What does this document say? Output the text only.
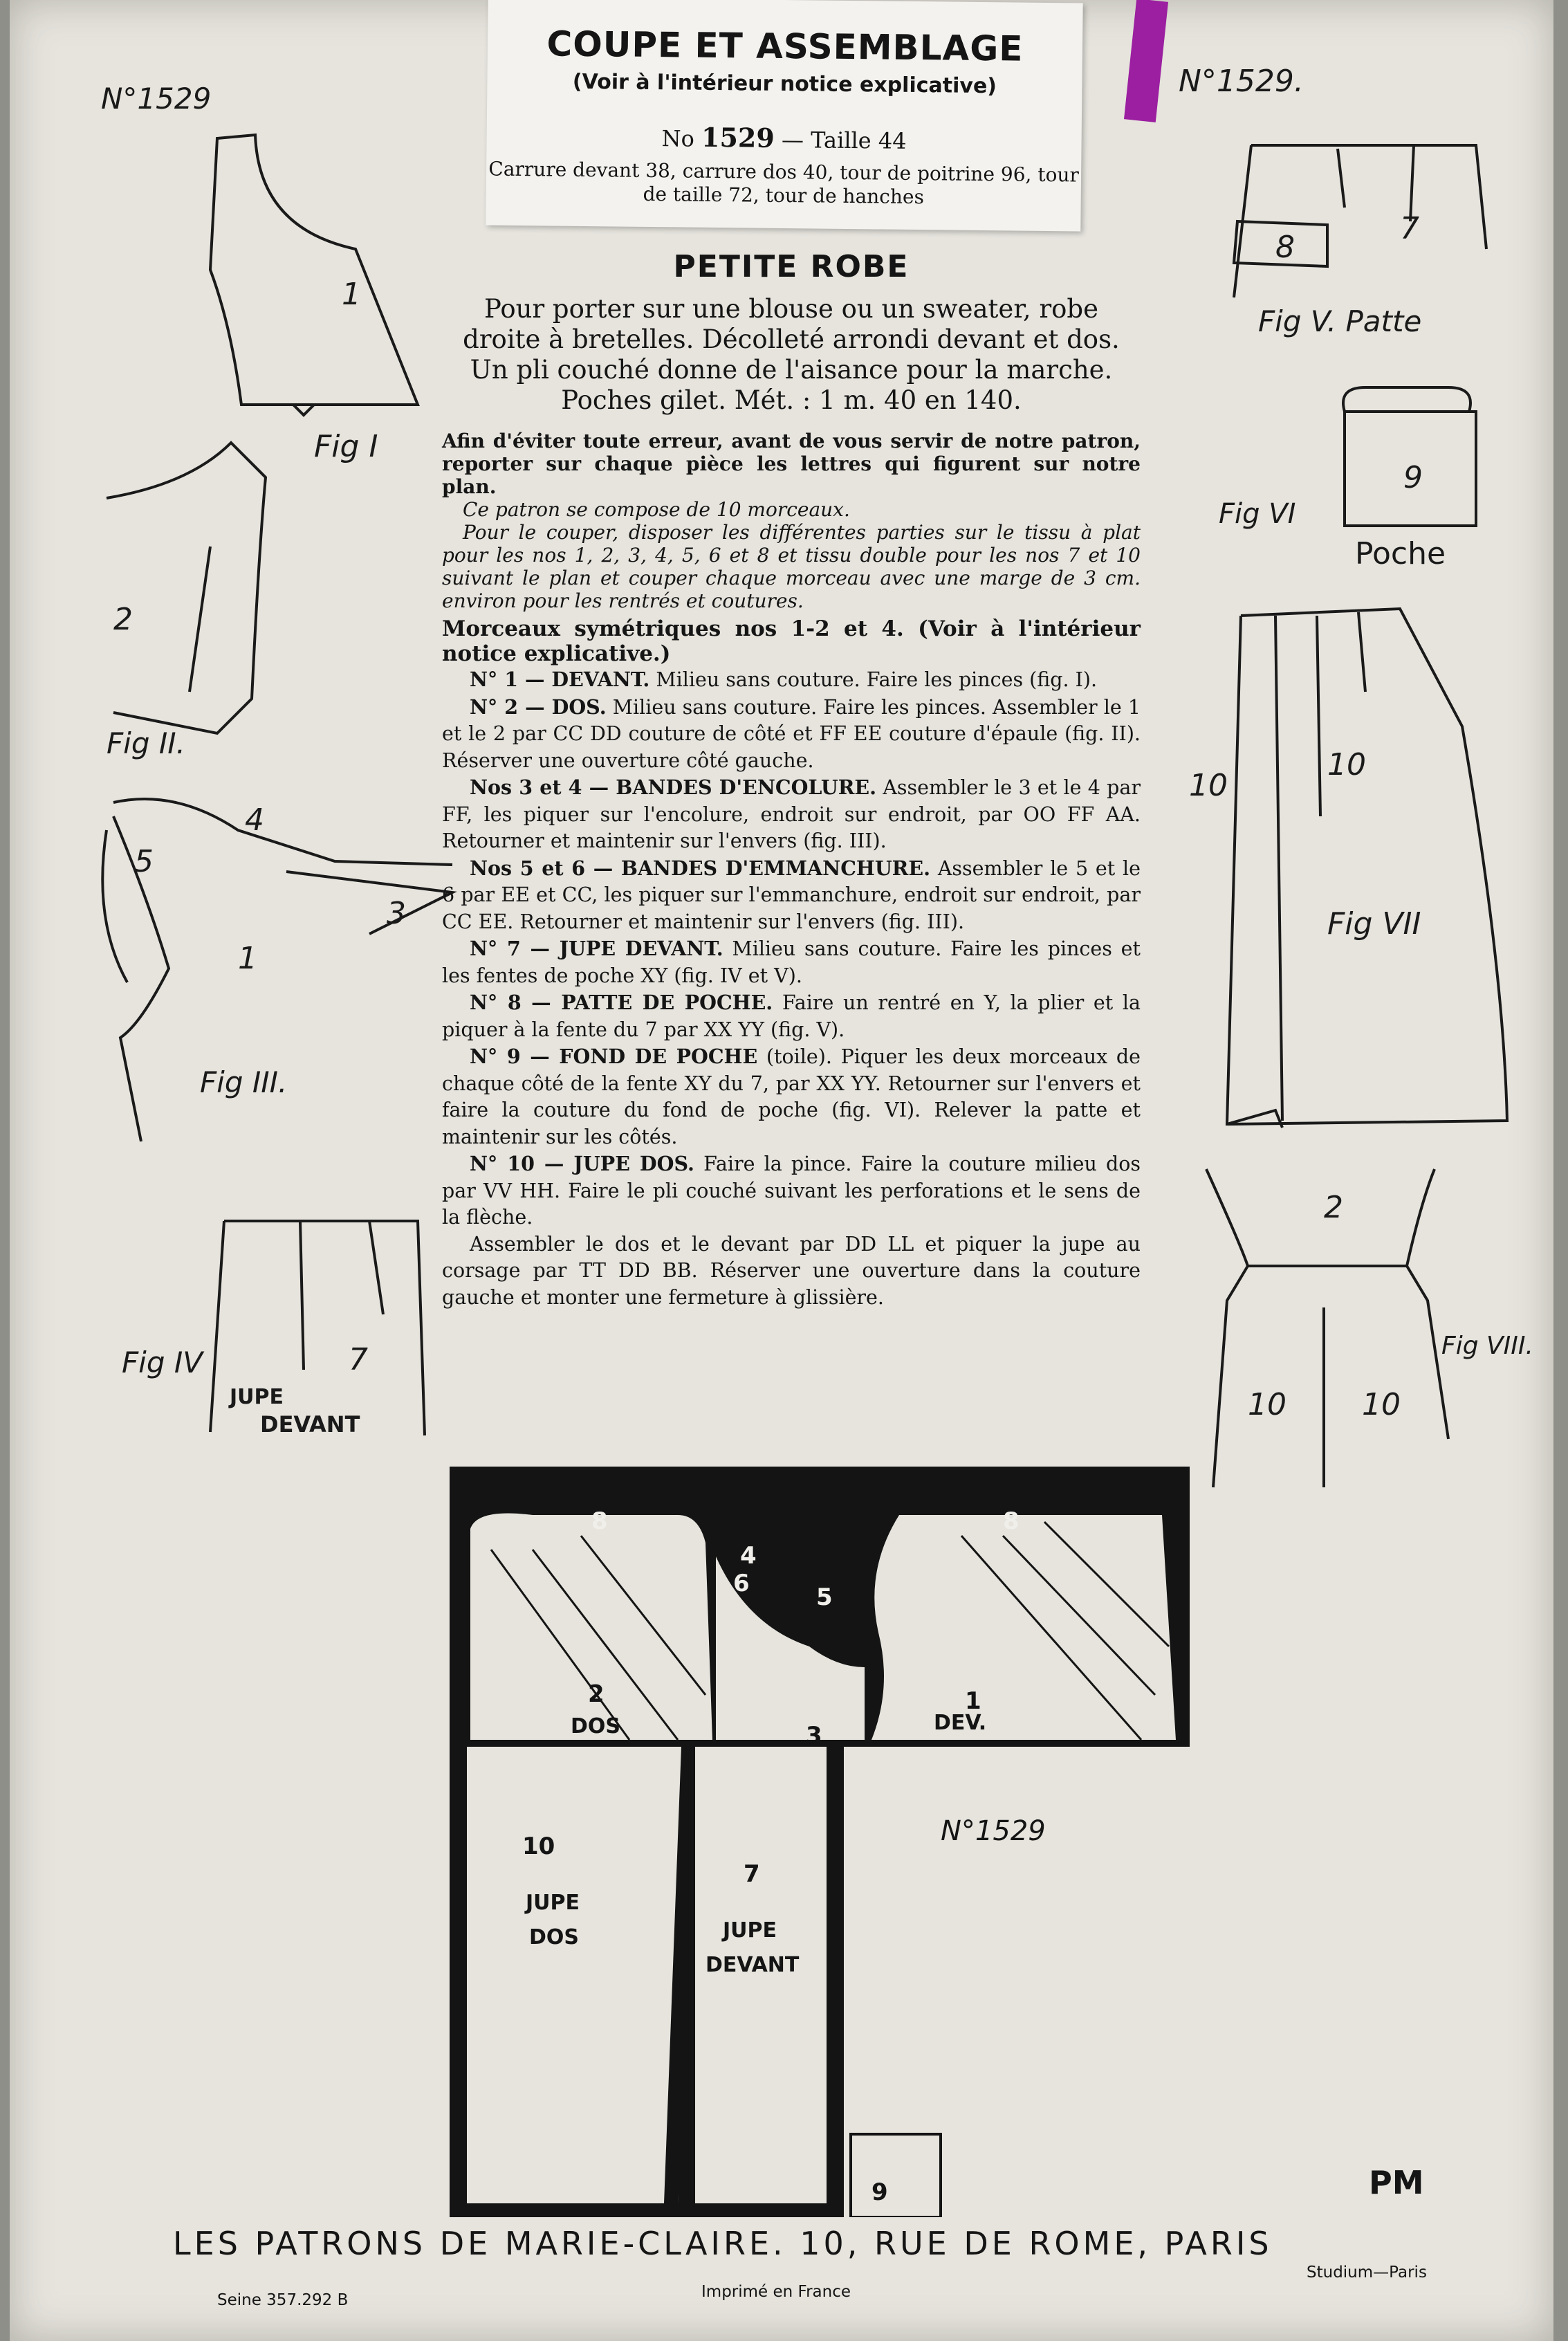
COUPE ET ASSEMBLAGE
(Voir à l'intérieur notice explicative)
No 1529 — Taille 44
Carrure devant 38, carrure dos 40, tour de poitrine 96, tour de taille 72, tour de hanches
N°1529	N°1529.
1
2
4
5
3
1
7
7
8
9
10
10
2
10 10
Fig I
Fig II.
Fig III.
Fig IV
JUPE
DEVANT
Fig V. Patte
Fig VI
Poche
Fig VII
Fig VIII.
PETITE ROBE
Pour porter sur une blouse ou un sweater, robe droite à bretelles. Décolleté arrondi devant et dos. Un pli couché donne de l'aisance pour la marche. Poches gilet. Mét. : 1 m. 40 en 140.
Afin d'éviter toute erreur, avant de vous servir de notre patron, reporter sur chaque pièce les lettres qui figurent sur notre plan.
Ce patron se compose de 10 morceaux.
Pour le couper, disposer les différentes parties sur le tissu à plat pour les nos 1, 2, 3, 4, 5, 6 et 8 et tissu double pour les nos 7 et 10 suivant le plan et couper chaque morceau avec une marge de 3 cm. environ pour les rentrés et coutures.
Morceaux symétriques nos 1-2 et 4. (Voir à l'intérieur notice explicative.)

N° 1 — DEVANT. Milieu sans couture. Faire les pinces (fig. I).

N° 2 — DOS. Milieu sans couture. Faire les pinces. Assembler le 1 et le 2 par CC DD couture de côté et FF EE couture d'épaule (fig. II). Réserver une ouverture côté gauche.

Nos 3 et 4 — BANDES D'ENCOLURE. Assembler le 3 et le 4 par FF, les piquer sur l'encolure, endroit sur endroit, par OO FF AA. Retourner et maintenir sur l'envers (fig. III).

Nos 5 et 6 — BANDES D'EMMANCHURE. Assembler le 5 et le 6 par EE et CC, les piquer sur l'emmanchure, endroit sur endroit, par CC EE. Retourner et maintenir sur l'envers (fig. III).

N° 7 — JUPE DEVANT. Milieu sans couture. Faire les pinces et les fentes de poche XY (fig. IV et V).

N° 8 — PATTE DE POCHE. Faire un rentré en Y, la plier et la piquer à la fente du 7 par XX YY (fig. V).

N° 9 — FOND DE POCHE (toile). Piquer les deux morceaux de chaque côté de la fente XY du 7, par XX YY. Retourner sur l'envers et faire la couture du fond de poche (fig. VI). Relever la patte et maintenir sur les côtés.

N° 10 — JUPE DOS. Faire la pince. Faire la couture milieu dos par VV HH. Faire le pli couché suivant les perforations et le sens de la flèche.

Assembler le dos et le devant par DD LL et piquer la jupe au corsage par TT DD BB. Réserver une ouverture dans la couture gauche et monter une fermeture à glissière.

2	1
8	8
6	5
4
3
10
7
9
DOS	DEV.
JUPE
DOS	JUPE
DEVANT
N°1529
LES PATRONS DE MARIE-CLAIRE. 10, RUE DE ROME, PARIS
Seine 357.292 B	Imprimé en France
Studium—Paris
PM
